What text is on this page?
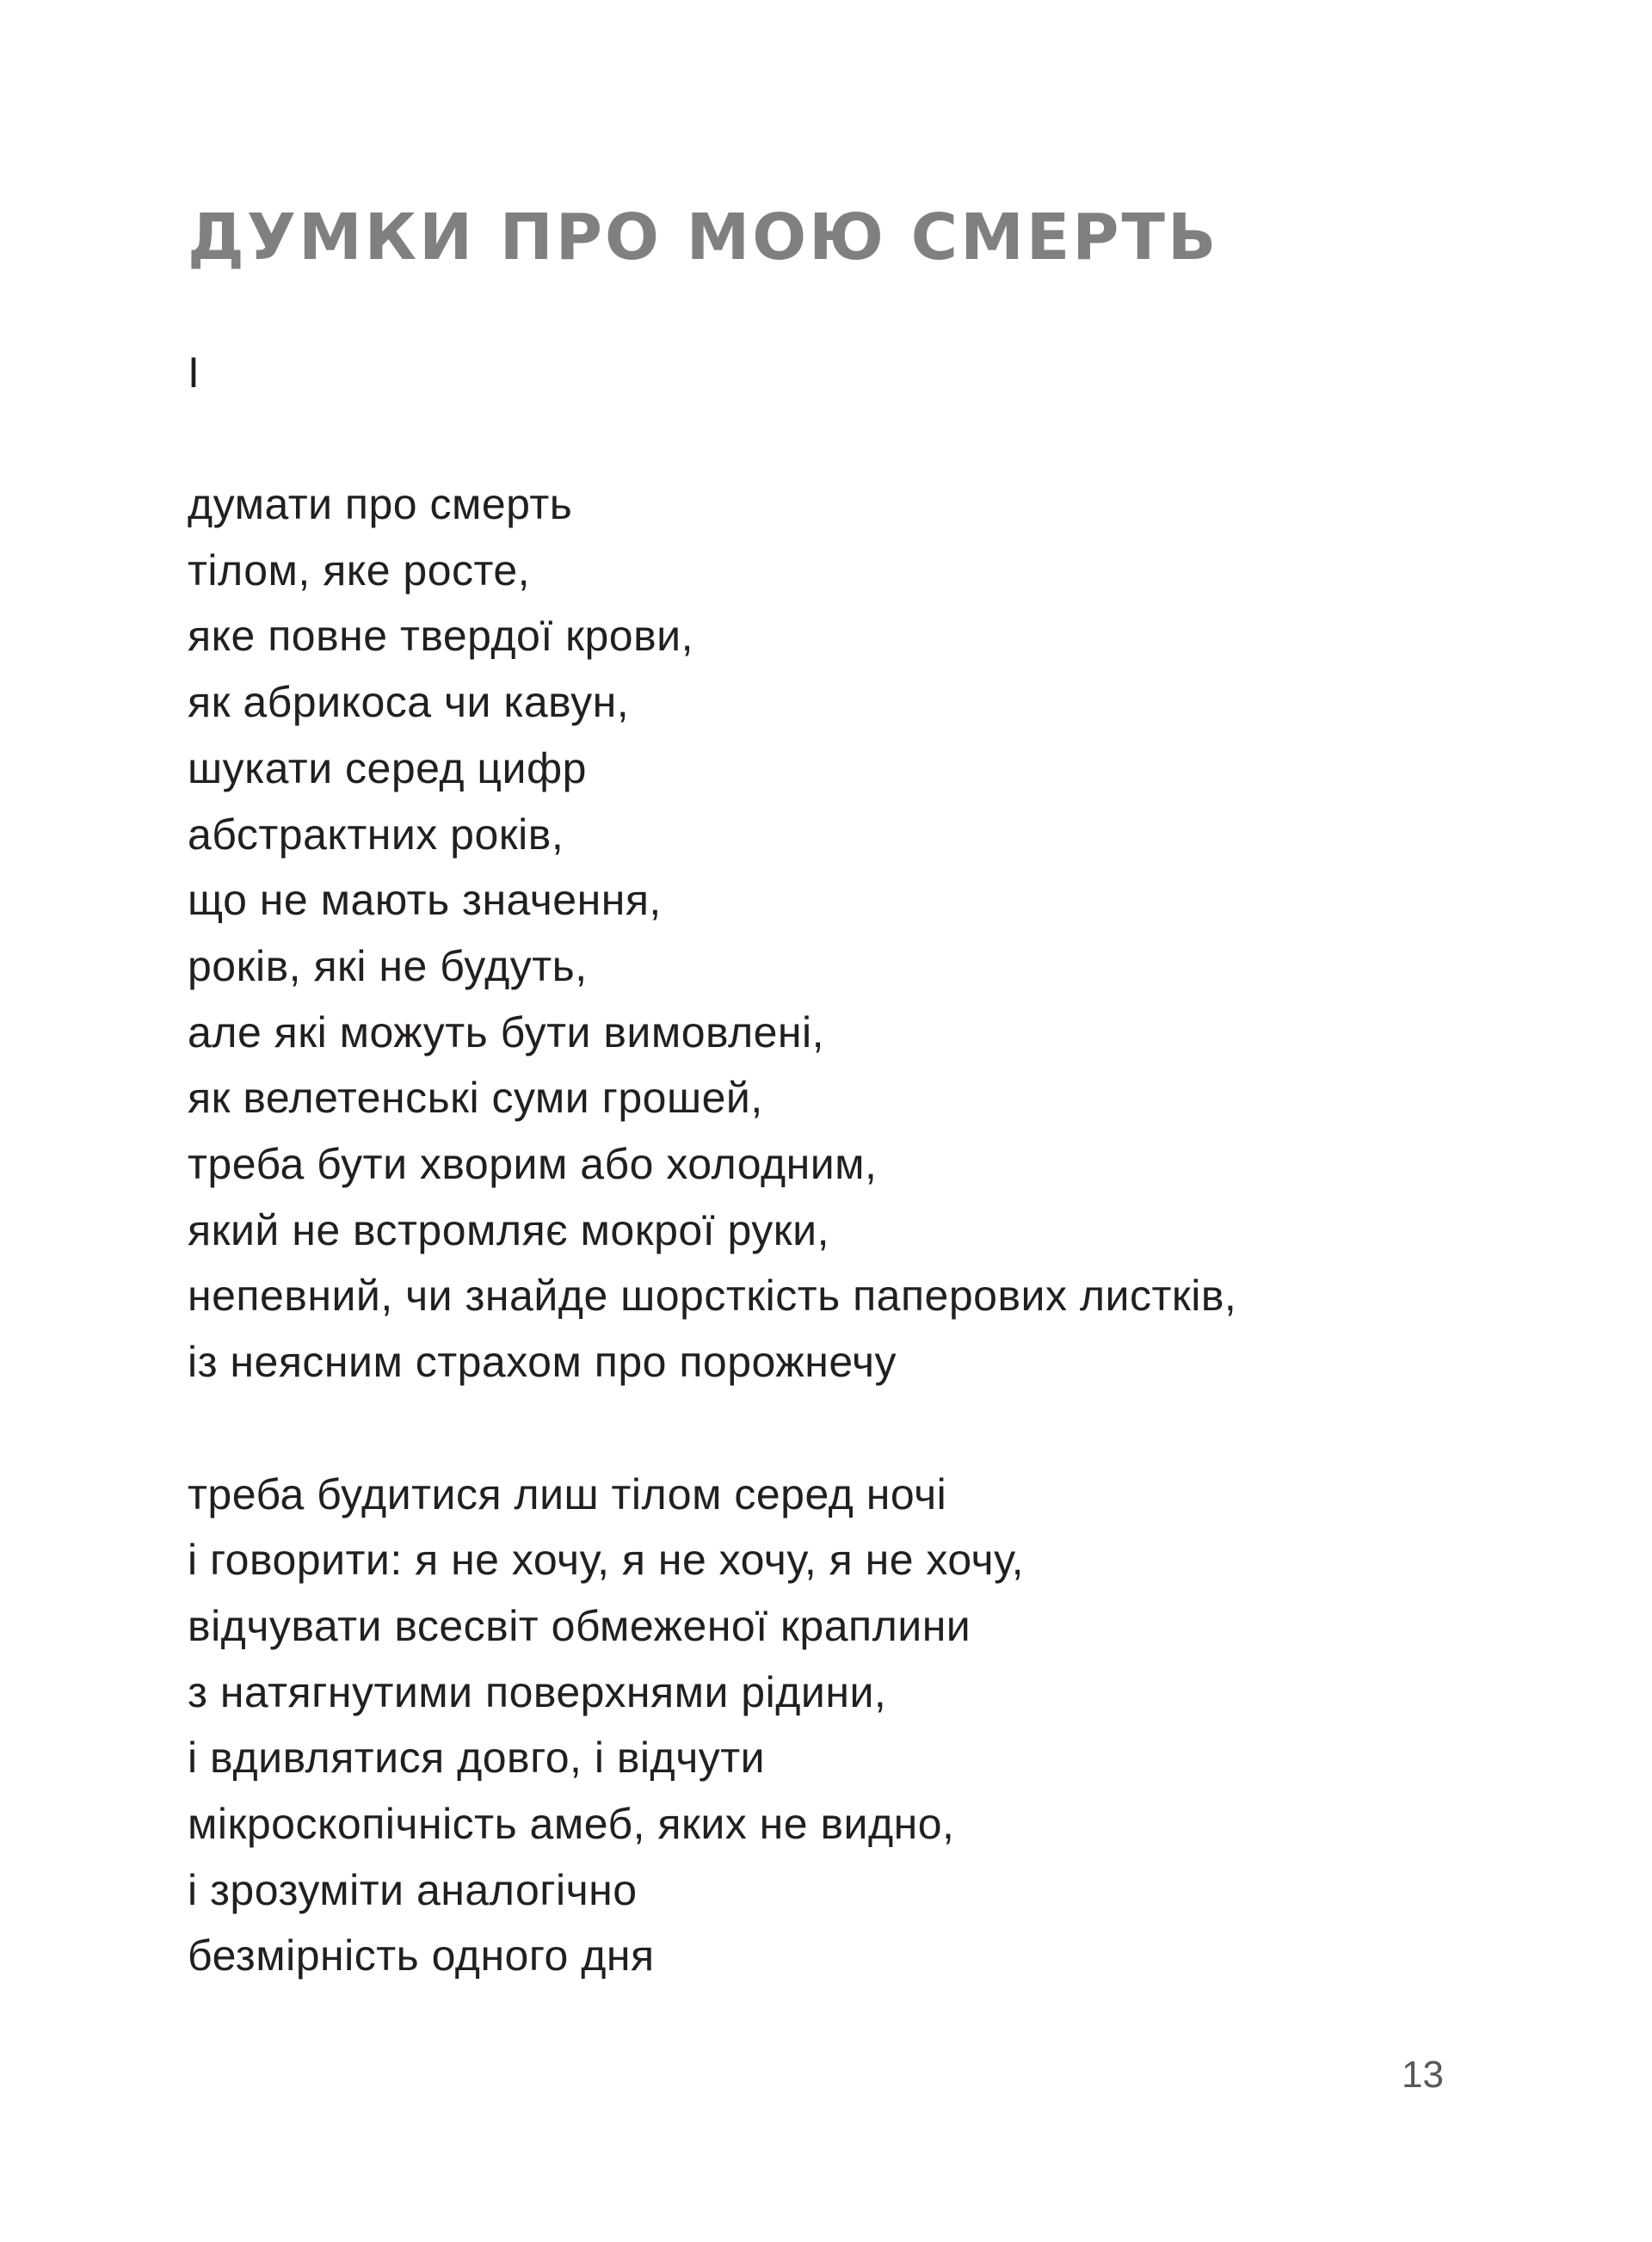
ДУМКИ ПРО МОЮ СМЕРТЬ
І
думати про смерть
тілом, яке росте,
яке повне твердої крови,
як абрикоса чи кавун,
шукати серед цифр
абстрактних років,
що не мають значення,
років, які не будуть,
але які можуть бути вимовлені,
як велетенські суми грошей,
треба бути хворим або холодним,
який не встромляє мокрої руки,
непевний, чи знайде шорсткість паперових листків,
із неясним страхом про порожнечу
треба будитися лиш тілом серед ночі
і говорити: я не хочу, я не хочу, я не хочу,
відчувати всесвіт обмеженої краплини
з натягнутими поверхнями рідини,
і вдивлятися довго, і відчути
мікроскопічність амеб, яких не видно,
і зрозуміти аналогічно
безмірність одного дня
13
